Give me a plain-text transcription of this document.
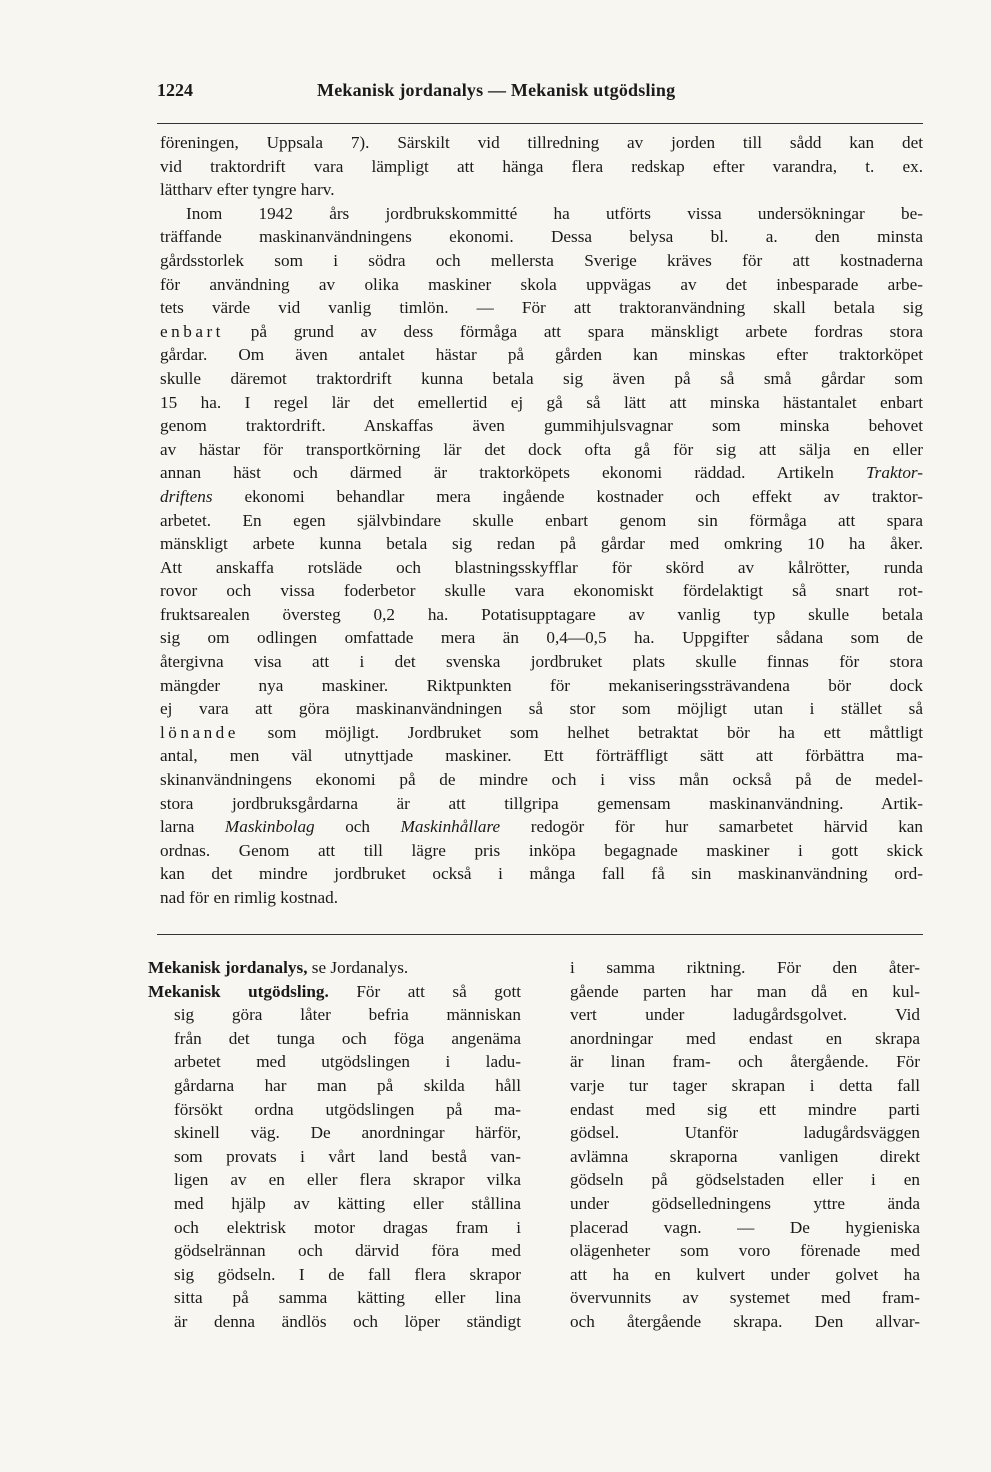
1224	Mekanisk jordanalys — Mekanisk utgödsling
föreningen, Uppsala 7). Särskilt vid tillredning av jorden till sådd kan det
vid traktordrift vara lämpligt att hänga flera redskap efter varandra, t. ex.
lättharv efter tyngre harv.
Inom 1942 års jordbrukskommitté ha utförts vissa undersökningar be-
träffande maskinanvändningens ekonomi. Dessa belysa bl. a. den minsta
gårdsstorlek som i södra och mellersta Sverige kräves för att kostnaderna
för användning av olika maskiner skola uppvägas av det inbesparade arbe-
tets värde vid vanlig timlön. — För att traktoranvändning skall betala sig
enbart på grund av dess förmåga att spara mänskligt arbete fordras stora
gårdar. Om även antalet hästar på gården kan minskas efter traktorköpet
skulle däremot traktordrift kunna betala sig även på så små gårdar som
15 ha. I regel lär det emellertid ej gå så lätt att minska hästantalet enbart
genom traktordrift. Anskaffas även gummihjulsvagnar som minska behovet
av hästar för transportkörning lär det dock ofta gå för sig att sälja en eller
annan häst och därmed är traktorköpets ekonomi räddad. Artikeln Traktor-
driftens ekonomi behandlar mera ingående kostnader och effekt av traktor-
arbetet. En egen självbindare skulle enbart genom sin förmåga att spara
mänskligt arbete kunna betala sig redan på gårdar med omkring 10 ha åker.
Att anskaffa rotsläde och blastningsskyfflar för skörd av kålrötter, runda
rovor och vissa foderbetor skulle vara ekonomiskt fördelaktigt så snart rot-
fruktsarealen översteg 0,2 ha. Potatisupptagare av vanlig typ skulle betala
sig om odlingen omfattade mera än 0,4—0,5 ha. Uppgifter sådana som de
återgivna visa att i det svenska jordbruket plats skulle finnas för stora
mängder nya maskiner. Riktpunkten för mekaniseringssträvandena bör dock
ej vara att göra maskinanvändningen så stor som möjligt utan i stället så
lönande som möjligt. Jordbruket som helhet betraktat bör ha ett måttligt
antal, men väl utnyttjade maskiner. Ett förträffligt sätt att förbättra ma-
skinanvändningens ekonomi på de mindre och i viss mån också på de medel-
stora jordbruksgårdarna är att tillgripa gemensam maskinanvändning. Artik-
larna Maskinbolag och Maskinhållare redogör för hur samarbetet härvid kan
ordnas. Genom att till lägre pris inköpa begagnade maskiner i gott skick
kan det mindre jordbruket också i många fall få sin maskinanvändning ord-
nad för en rimlig kostnad.
Mekanisk jordanalys, se Jordanalys.
Mekanisk utgödsling. För att så gott
sig göra låter befria människan
från det tunga och föga angenäma
arbetet med utgödslingen i ladu-
gårdarna har man på skilda håll
försökt ordna utgödslingen på ma-
skinell väg. De anordningar härför,
som provats i vårt land bestå van-
ligen av en eller flera skrapor vilka
med hjälp av kätting eller stållina
och elektrisk motor dragas fram i
gödselrännan och därvid föra med
sig gödseln. I de fall flera skrapor
sitta på samma kätting eller lina
är denna ändlös och löper ständigt
i samma riktning. För den åter-
gående parten har man då en kul-
vert under ladugårdsgolvet. Vid
anordningar med endast en skrapa
är linan fram- och återgående. För
varje tur tager skrapan i detta fall
endast med sig ett mindre parti
gödsel. Utanför ladugårdsväggen
avlämna skraporna vanligen direkt
gödseln på gödselstaden eller i en
under gödselledningens yttre ända
placerad vagn. — De hygieniska
olägenheter som voro förenade med
att ha en kulvert under golvet ha
övervunnits av systemet med fram-
och återgående skrapa. Den allvar-
